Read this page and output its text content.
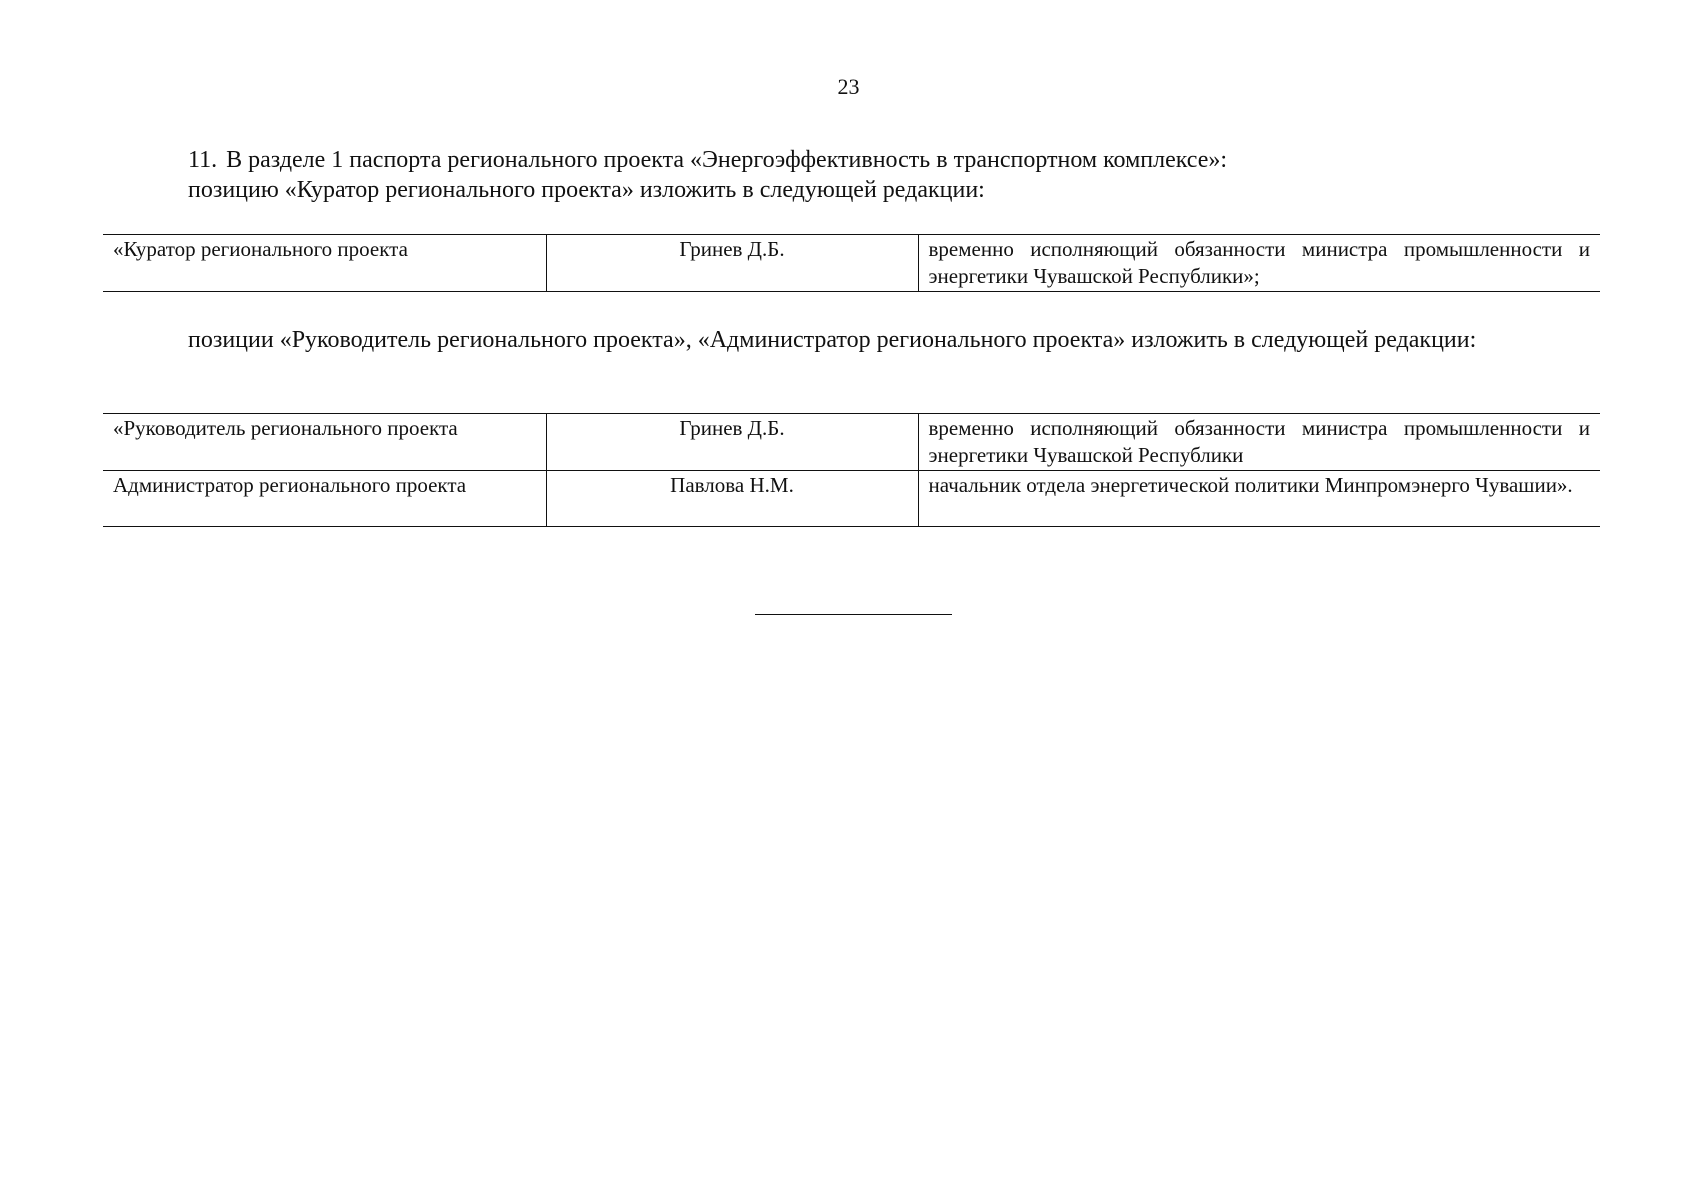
23
11. В разделе 1 паспорта регионального проекта «Энергоэффективность в транспортном комплексе»:
позицию «Куратор регионального проекта» изложить в следующей редакции:
«Куратор регионального проекта	Гринев Д.Б.	временно исполняющий обязанности министра промышленности и энергетики Чувашской Республики»;
позиции «Руководитель регионального проекта», «Администратор регионального проекта» изложить в следующей редакции:
«Руководитель регионального проекта	Гринев Д.Б.	временно исполняющий обязанности министра промышленности и энергетики Чувашской Республики
Администратор регионального проекта	Павлова Н.М.	начальник отдела энергетической политики Минпромэнерго Чувашии».
